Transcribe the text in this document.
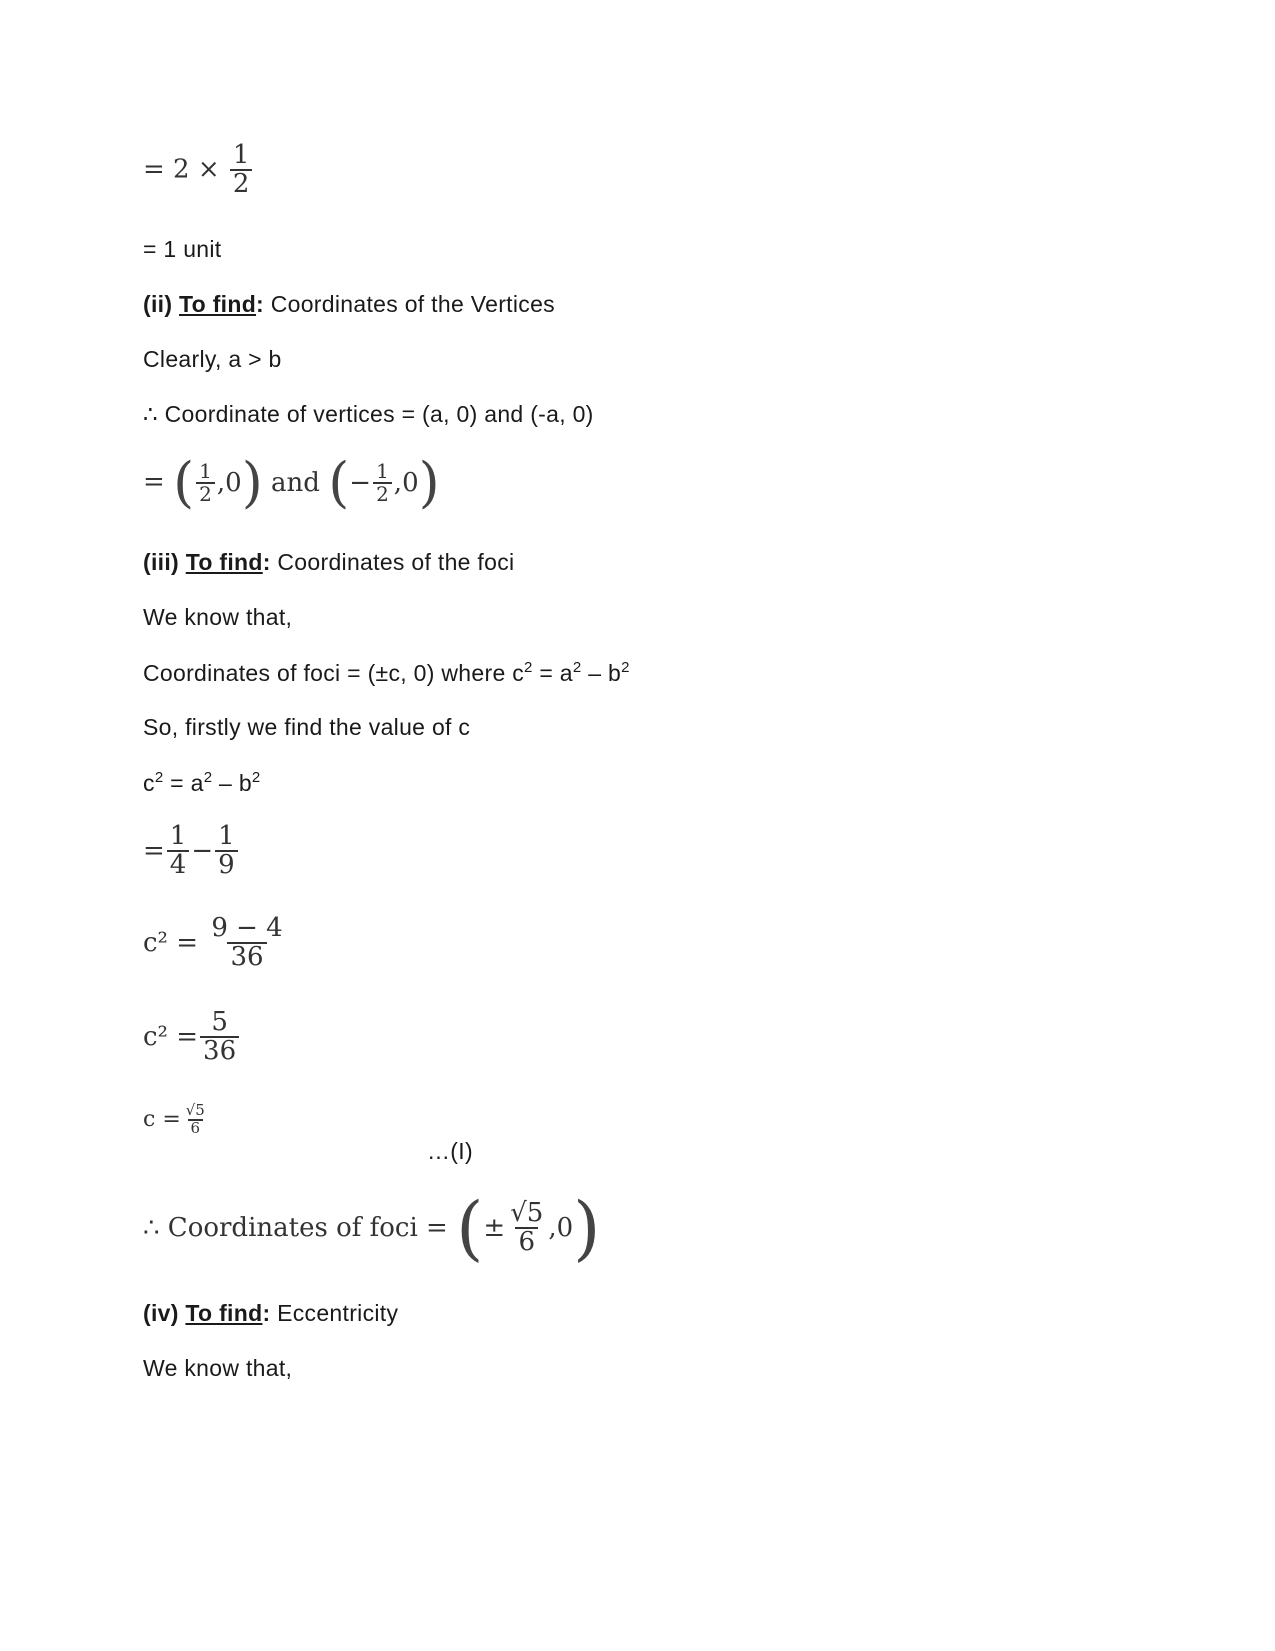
= $2 \times \frac{1}{2}$
= 1 unit
(ii) To find: Coordinates of the Vertices
Clearly, a > b
∴ Coordinate of vertices = (a, 0) and (-a, 0)
= ( $\frac{1}{2} ,0$) and (− $\frac{1}{2} ,0$)
(iii) To find: Coordinates of the foci
We know that,
Coordinates of foci = (±c, 0) where $c^2 = a^2 - b^2$
So, firstly we find the value of c
$c^2 = a^2 - b^2$
= $\frac{1}{4} - \frac{1}{9}$
$c^2 = \frac{9 - 4}{36}$
$c^2 = \frac{5}{36}$
$c = \frac{√5}{6}$
…(I)
∴ Coordinates of foci = (± $\frac{√5}{6} ,0$)
(iv) To find: Eccentricity
We know that,
